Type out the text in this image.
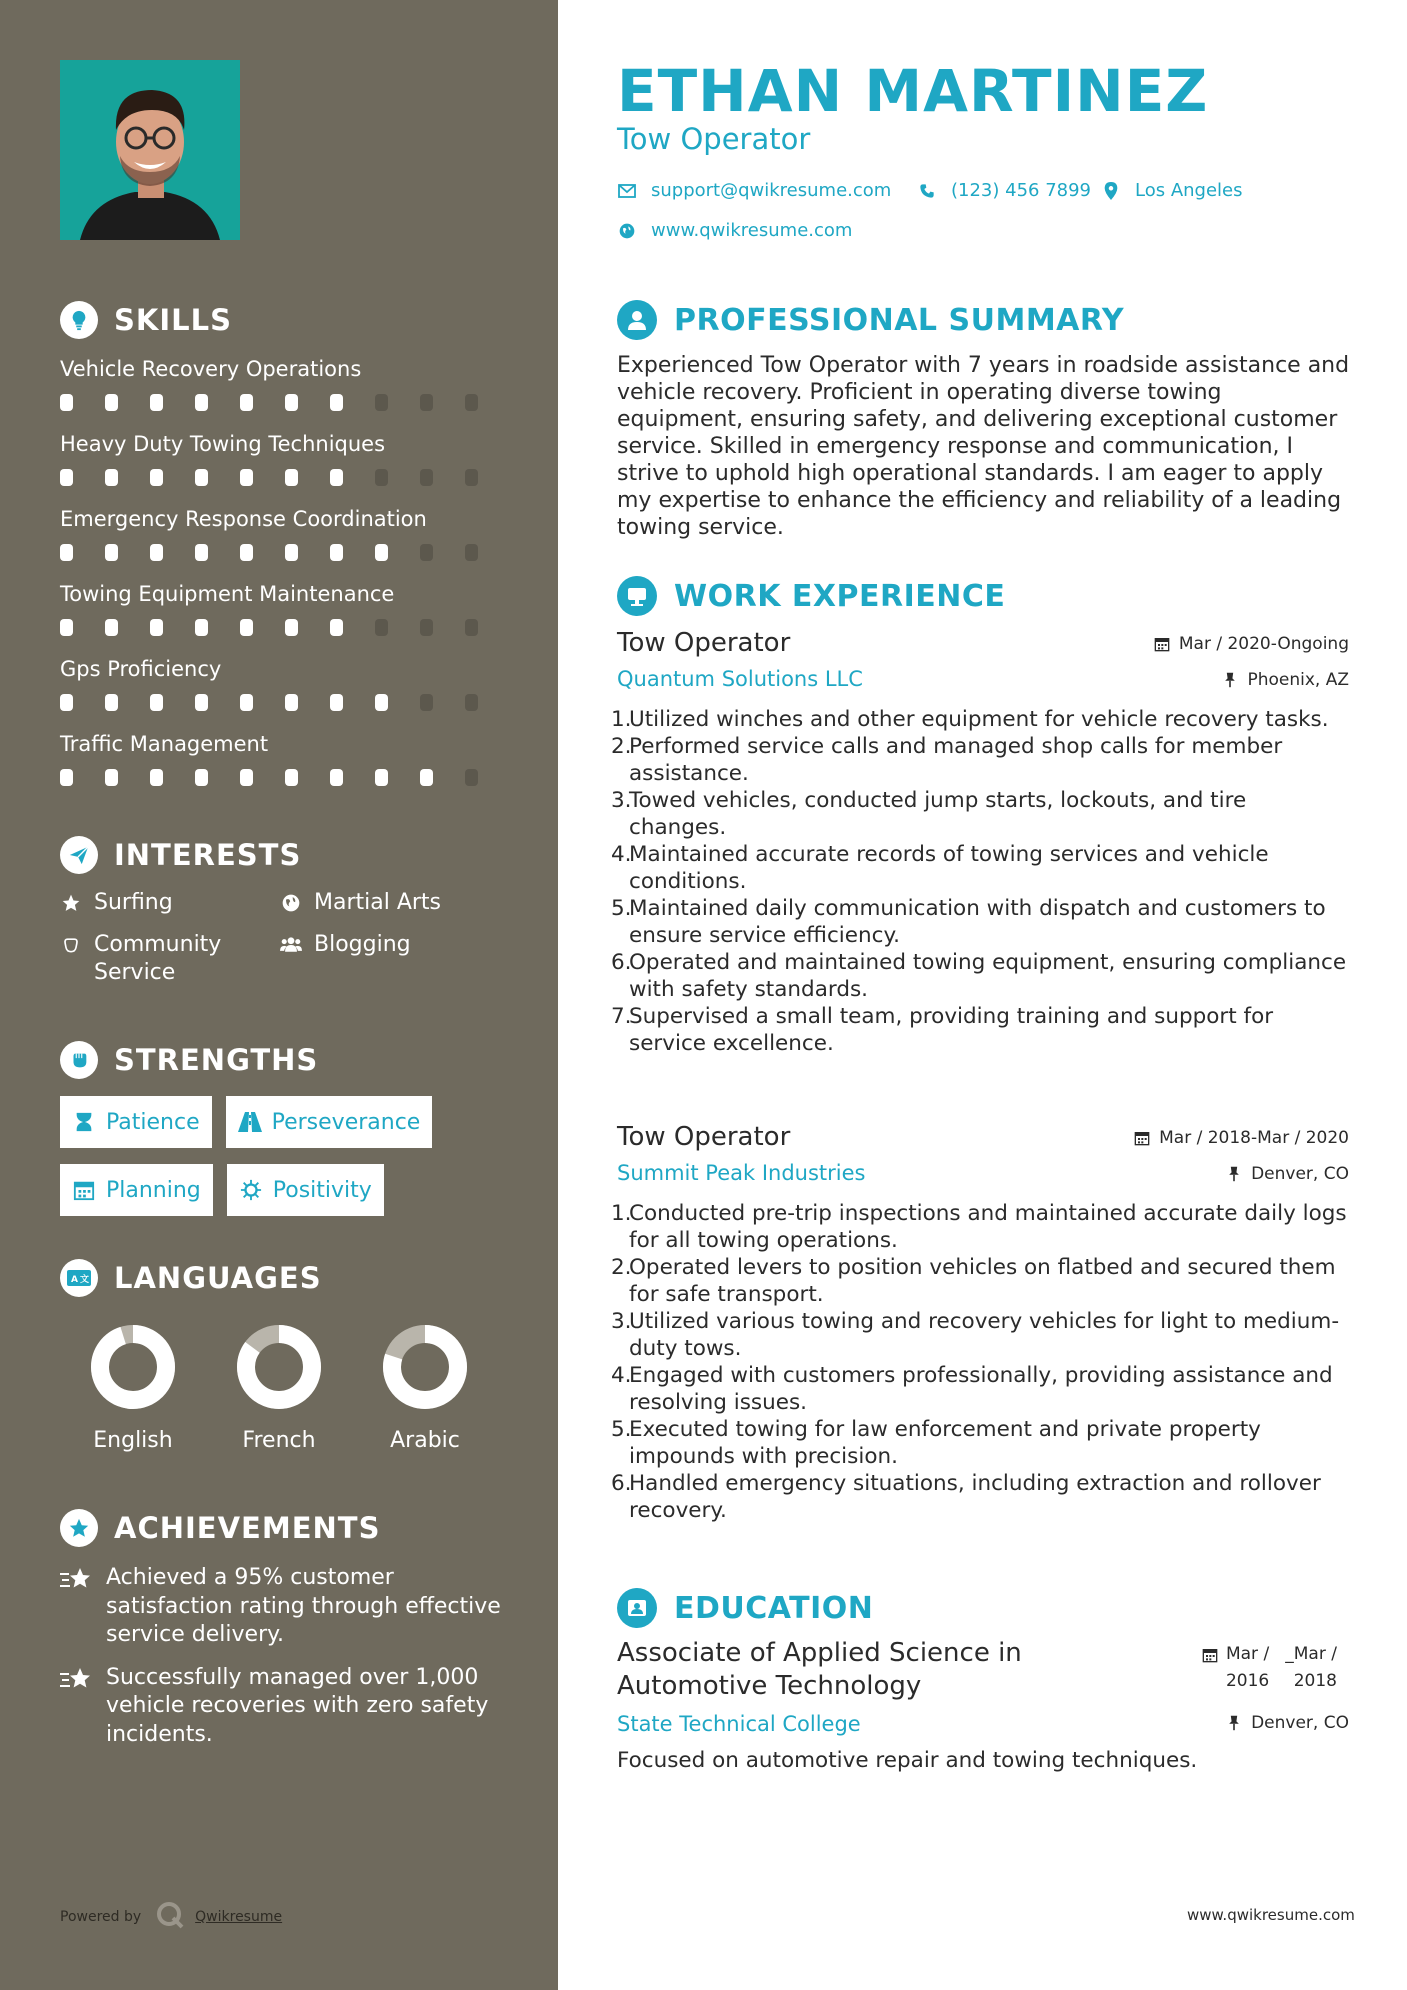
SKILLS
Vehicle Recovery Operations
Heavy Duty Towing Techniques
Emergency Response Coordination
Towing Equipment Maintenance
Gps Proficiency
Traffic Management
INTERESTS
Surfing	Martial Arts
Community Service
Blogging
STRENGTHS
Patience	Perseverance
Planning	Positivity
A 文 LANGUAGES
English	French	Arabic
ACHIEVEMENTS
Achieved a 95% customer satisfaction rating through effective service delivery.
Successfully managed over 1,000 vehicle recoveries with zero safety incidents.
Powered by	Qwikresume
ETHAN MARTINEZ
Tow Operator
support@qwikresume.com	(123) 456 7899 Los Angeles
www.qwikresume.com
PROFESSIONAL SUMMARY

Experienced Tow Operator with 7 years in roadside assistance and vehicle recovery. Proficient in operating diverse towing equipment, ensuring safety, and delivering exceptional customer service. Skilled in emergency response and communication, I strive to uphold high operational standards. I am eager to apply my expertise to enhance the efficiency and reliability of a leading towing service.

WORK EXPERIENCE
Tow Operator
Quantum Solutions LLC
Mar / 2020-Ongoing
Phoenix, AZ
1.
Utilized winches and other equipment for vehicle recovery tasks.
2.
Performed service calls and managed shop calls for member assistance.
3.
Towed vehicles, conducted jump starts, lockouts, and tire changes.
4.
Maintained accurate records of towing services and vehicle conditions.
5.
Maintained daily communication with dispatch and customers to ensure service efficiency.
6.
Operated and maintained towing equipment, ensuring compliance with safety standards.
7.
Supervised a small team, providing training and support for service excellence.
Tow Operator
Summit Peak Industries
Mar / 2018-Mar / 2020
Denver, CO
1.
Conducted pre-trip inspections and maintained accurate daily logs for all towing operations.
2.
Operated levers to position vehicles on flatbed and secured them for safe transport.
3.
Utilized various towing and recovery vehicles for light to medium-duty tows.
4.
Engaged with customers professionally, providing assistance and resolving issues.
5.
Executed towing for law enforcement and private property impounds with precision.
6.
Handled emergency situations, including extraction and rollover recovery.
EDUCATION
Associate of Applied Science in Automotive Technology
State Technical College
Mar /
2016
_ Mar /
2018
Denver, CO
Focused on automotive repair and towing techniques.
www.qwikresume.com
